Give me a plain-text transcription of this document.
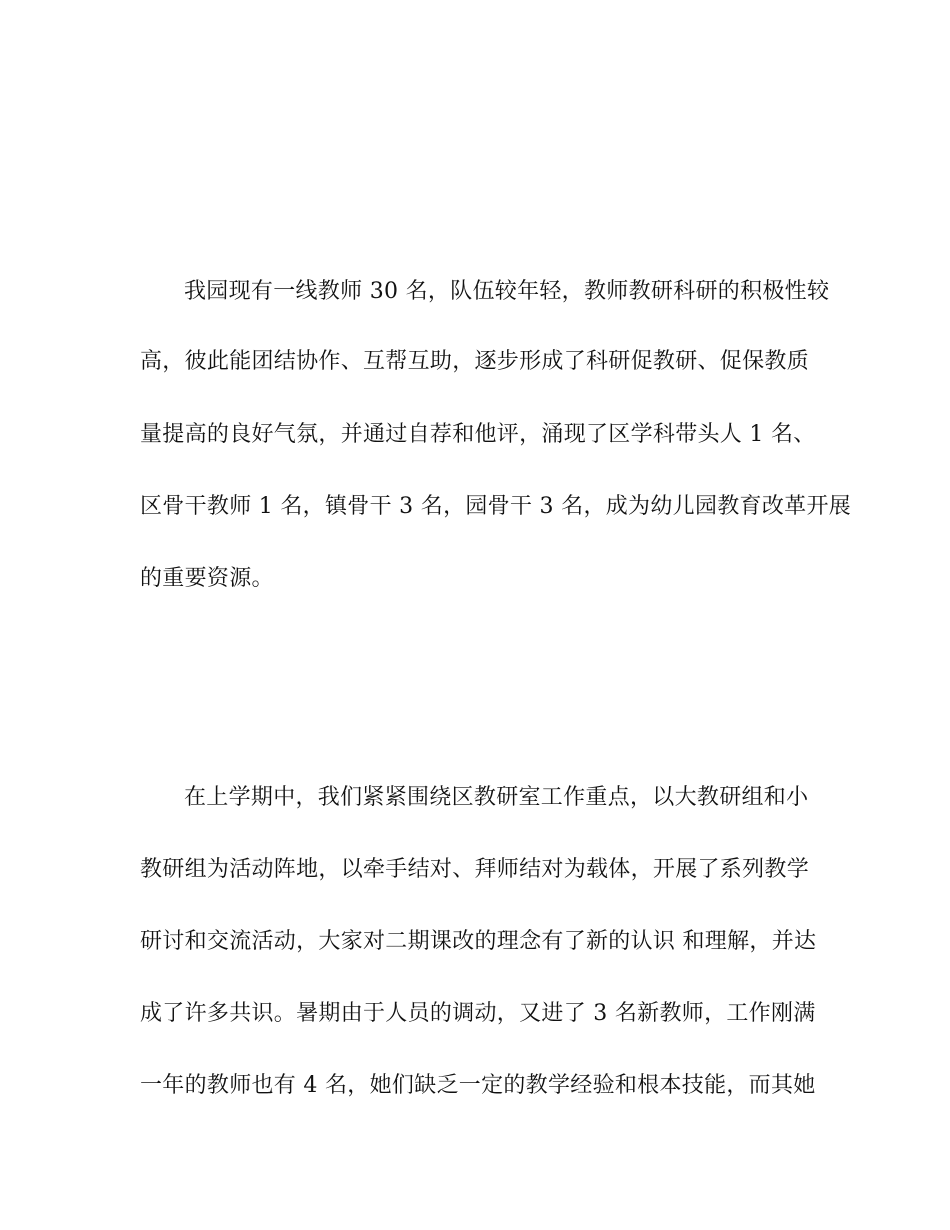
我园现有一线教师 30 名，队伍较年轻，教师教研科研的积极性较

高，彼此能团结协作、互帮互助，逐步形成了科研促教研、促保教质

量提高的良好气氛，并通过自荐和他评，涌现了区学科带头人 1 名、

区骨干教师 1 名，镇骨干 3 名，园骨干 3 名，成为幼儿园教育改革开展

的重要资源。

在上学期中，我们紧紧围绕区教研室工作重点，以大教研组和小

教研组为活动阵地，以牵手结对、拜师结对为载体，开展了系列教学

研讨和交流活动，大家对二期课改的理念有了新的认识 和理解，并达

成了许多共识。暑期由于人员的调动，又进了 3 名新教师，工作刚满

一年的教师也有 4 名，她们缺乏一定的教学经验和根本技能，而其她
